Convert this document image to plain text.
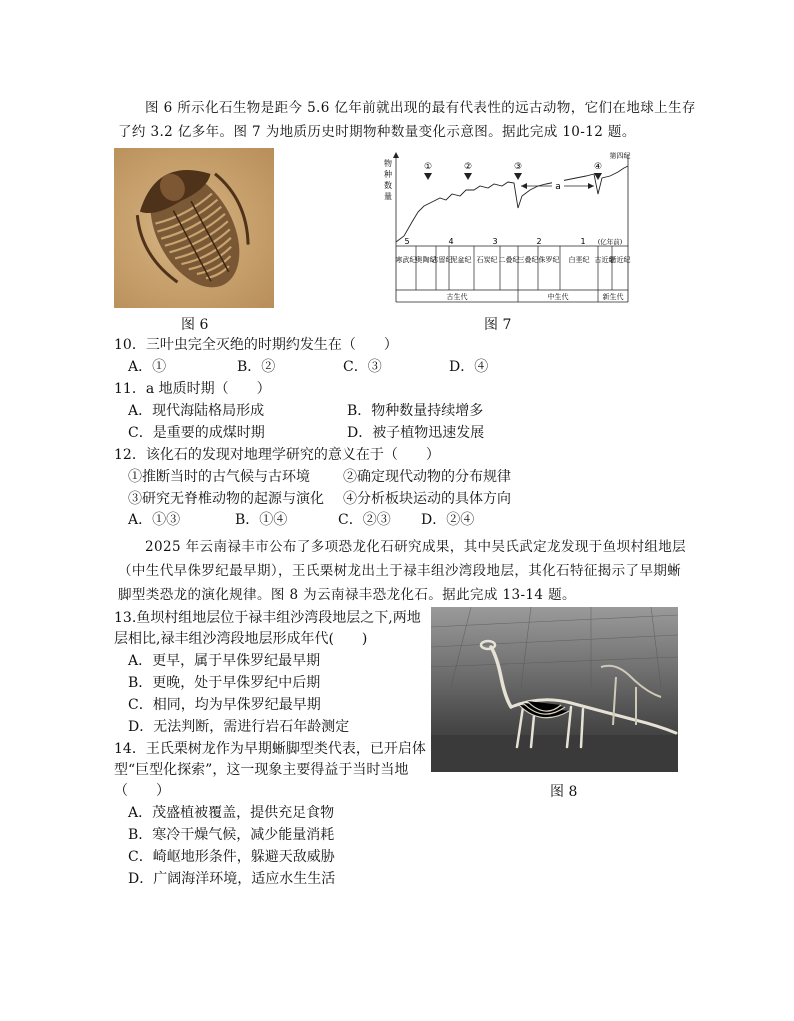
图 6 所示化石生物是距今 5.6 亿年前就出现的最有代表性的远古动物，它们在地球上生存
了约 3.2 亿多年。图 7 为地质历史时期物种数量变化示意图。据此完成 10-12 题。
图 6
物
种
数
量
①	②	③	④
a
5	4	3	2	1 (亿年前)
寒武纪 奥陶纪
志留纪
泥盆纪 石炭纪 二叠纪
三叠纪 侏罗纪 白垩纪 古近纪
新近纪
第四纪
古生代	中生代	新生代
图 7
10．三叶虫完全灭绝的时期约发生在（　　）
A．①	B．②	C．③	D．④
11．a 地质时期（　　）
A．现代海陆格局形成	B．物种数量持续增多
C．是重要的成煤时期	D．被子植物迅速发展
12．该化石的发现对地理学研究的意义在于（　　）
①推断当时的古气候与古环境 ②确定现代动物的分布规律
③研究无脊椎动物的起源与演化 ④分析板块运动的具体方向
A．①③	B．①④	C．②③ D．②④
2025 年云南禄丰市公布了多项恐龙化石研究成果，其中吴氏武定龙发现于鱼坝村组地层
（中生代早侏罗纪最早期），王氏栗树龙出土于禄丰组沙湾段地层，其化石特征揭示了早期蜥
脚型类恐龙的演化规律。图 8 为云南禄丰恐龙化石。据此完成 13-14 题。
13.鱼坝村组地层位于禄丰组沙湾段地层之下,两地
层相比,禄丰组沙湾段地层形成年代(　　)
A．更早，属于早侏罗纪最早期
B．更晚，处于早侏罗纪中后期
C．相同，均为早侏罗纪最早期
D．无法判断，需进行岩石年龄测定
14．王氏栗树龙作为早期蜥脚型类代表，已开启体
型“巨型化探索”，这一现象主要得益于当时当地
（　　）
A．茂盛植被覆盖，提供充足食物
B．寒冷干燥气候，减少能量消耗
C．崎岖地形条件，躲避天敌威胁
D．广阔海洋环境，适应水生生活
图 8
